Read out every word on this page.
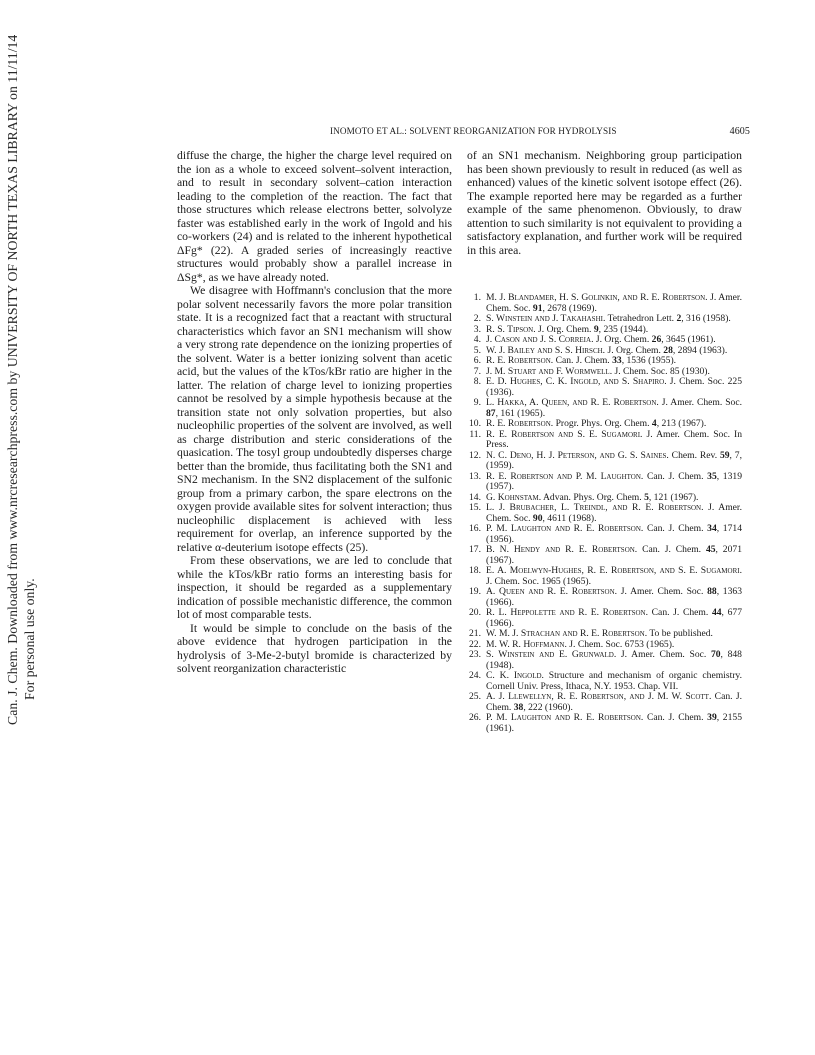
Can. J. Chem. Downloaded from www.nrcresearchpress.com by UNIVERSITY OF NORTH TEXAS LIBRARY on 11/11/14 For personal use only.
INOMOTO ET AL.: SOLVENT REORGANIZATION FOR HYDROLYSIS	4605

diffuse the charge, the higher the charge level required on the ion as a whole to exceed solvent–solvent interaction, and to result in secondary solvent–cation interaction leading to the completion of the reaction. The fact that those structures which release electrons better, solvolyze faster was established early in the work of Ingold and his co-workers (24) and is related to the inherent hypothetical ΔFg* (22). A graded series of increasingly reactive structures would probably show a parallel increase in ΔSg*, as we have already noted.

We disagree with Hoffmann's conclusion that the more polar solvent necessarily favors the more polar transition state. It is a recognized fact that a reactant with structural characteristics which favor an SN1 mechanism will show a very strong rate dependence on the ionizing properties of the solvent. Water is a better ionizing solvent than acetic acid, but the values of the kTos/kBr ratio are higher in the latter. The relation of charge level to ionizing properties cannot be resolved by a simple hypothesis because at the transition state not only solvation properties, but also nucleophilic properties of the solvent are involved, as well as charge distribution and steric considerations of the quasication. The tosyl group undoubtedly disperses charge better than the bromide, thus facilitating both the SN1 and SN2 mechanism. In the SN2 displacement of the sulfonic group from a primary carbon, the spare electrons on the oxygen provide available sites for solvent interaction; thus nucleophilic displacement is achieved with less requirement for overlap, an inference supported by the relative α-deuterium isotope effects (25).

From these observations, we are led to conclude that while the kTos/kBr ratio forms an interesting basis for inspection, it should be regarded as a supplementary indication of possible mechanistic difference, the common lot of most comparable tests.

It would be simple to conclude on the basis of the above evidence that hydrogen participation in the hydrolysis of 3-Me-2-butyl bromide is characterized by solvent reorganization characteristic

of an SN1 mechanism. Neighboring group participation has been shown previously to result in reduced (as well as enhanced) values of the kinetic solvent isotope effect (26). The example reported here may be regarded as a further example of the same phenomenon. Obviously, to draw attention to such similarity is not equivalent to providing a satisfactory explanation, and further work will be required in this area.

1. M. J. Blandamer, H. S. Golinkin, and R. E. Robertson. J. Amer. Chem. Soc. 91, 2678 (1969).
2. S. Winstein and J. Takahashi. Tetrahedron Lett. 2, 316 (1958).
3. R. S. Tipson. J. Org. Chem. 9, 235 (1944).
4. J. Cason and J. S. Correia. J. Org. Chem. 26, 3645 (1961).
5. W. J. Bailey and S. S. Hirsch. J. Org. Chem. 28, 2894 (1963).
6. R. E. Robertson. Can. J. Chem. 33, 1536 (1955).
7. J. M. Stuart and F. Wormwell. J. Chem. Soc. 85 (1930).
8. E. D. Hughes, C. K. Ingold, and S. Shapiro. J. Chem. Soc. 225 (1936).
9. L. Hakka, A. Queen, and R. E. Robertson. J. Amer. Chem. Soc. 87, 161 (1965).
10. R. E. Robertson. Progr. Phys. Org. Chem. 4, 213 (1967).
11. R. E. Robertson and S. E. Sugamori. J. Amer. Chem. Soc. In Press.
12. N. C. Deno, H. J. Peterson, and G. S. Saines. Chem. Rev. 59, 7, (1959).
13. R. E. Robertson and P. M. Laughton. Can. J. Chem. 35, 1319 (1957).
14. G. Kohnstam. Advan. Phys. Org. Chem. 5, 121 (1967).
15. L. J. Brubacher, L. Treindl, and R. E. Robertson. J. Amer. Chem. Soc. 90, 4611 (1968).
16. P. M. Laughton and R. E. Robertson. Can. J. Chem. 34, 1714 (1956).
17. B. N. Hendy and R. E. Robertson. Can. J. Chem. 45, 2071 (1967).
18. E. A. Moelwyn-Hughes, R. E. Robertson, and S. E. Sugamori. J. Chem. Soc. 1965 (1965).
19. A. Queen and R. E. Robertson. J. Amer. Chem. Soc. 88, 1363 (1966).
20. R. L. Heppolette and R. E. Robertson. Can. J. Chem. 44, 677 (1966).
21. W. M. J. Strachan and R. E. Robertson. To be published.
22. M. W. R. Hoffmann. J. Chem. Soc. 6753 (1965).
23. S. Winstein and E. Grunwald. J. Amer. Chem. Soc. 70, 848 (1948).
24. C. K. Ingold. Structure and mechanism of organic chemistry. Cornell Univ. Press, Ithaca, N.Y. 1953. Chap. VII.
25. A. J. Llewellyn, R. E. Robertson, and J. M. W. Scott. Can. J. Chem. 38, 222 (1960).
26. P. M. Laughton and R. E. Robertson. Can. J. Chem. 39, 2155 (1961).
